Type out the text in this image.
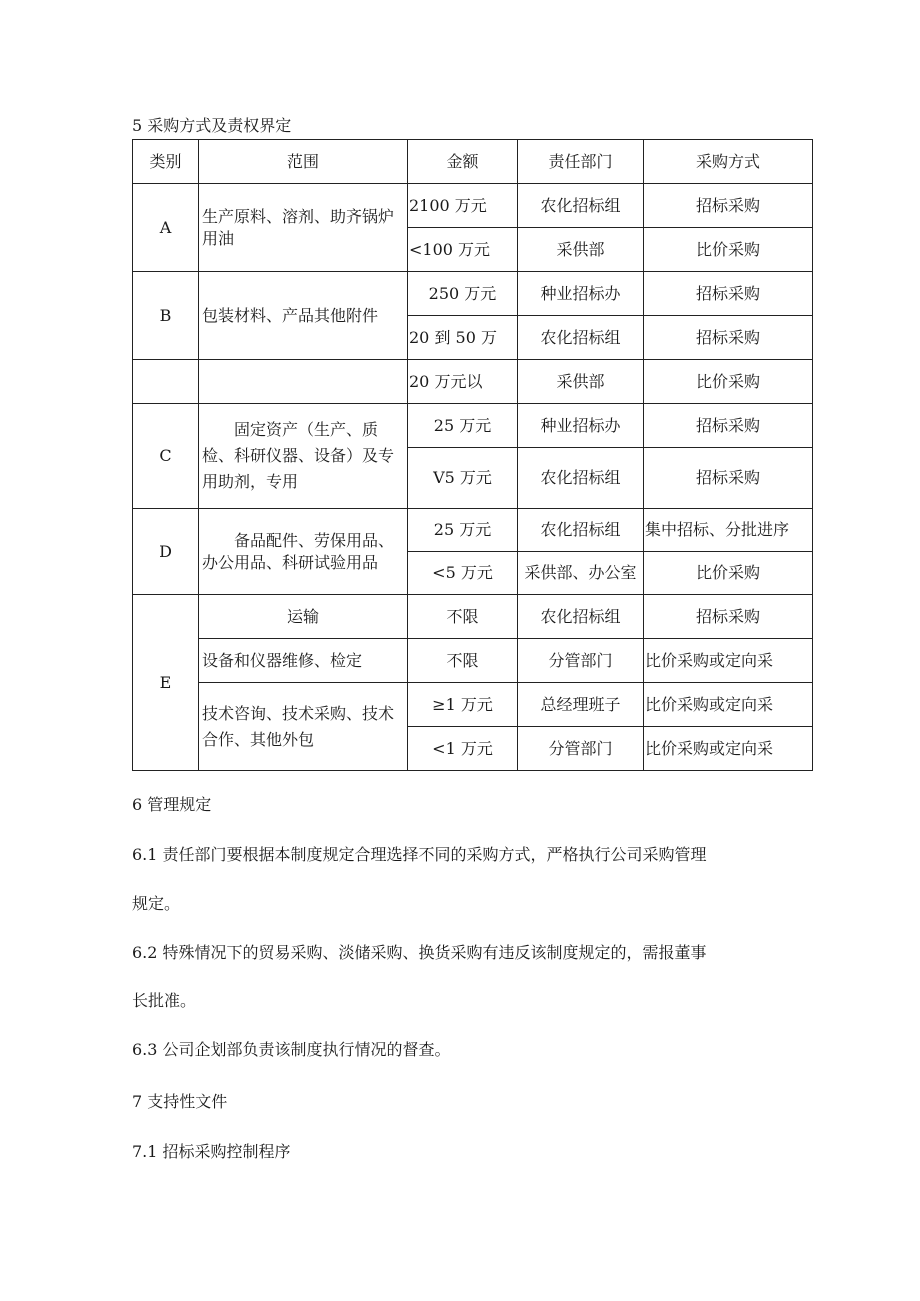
5 采购方式及责权界定
类别	范围	金额	责任部门	采购方式
A	生产原料、溶剂、助齐锅炉用油	2100 万元	农化招标组	招标采购
		<100 万元	采供部	比价采购
B	包装材料、产品其他附件	250 万元	种业招标办	招标采购
		20 到 50 万	农化招标组	招标采购
		20 万元以	采供部	比价采购
C	固定资产（生产、质检、科研仪器、设备）及专用助剂，专用	25 万元	种业招标办	招标采购
		V5 万元	农化招标组	招标采购
D	备品配件、劳保用品、办公用品、科研试验用品	25 万元	农化招标组	集中招标、分批进序
		<5 万元	采供部、办公室	比价采购
E	运输	不限	农化招标组	招标采购
	设备和仪器维修、检定	不限	分管部门	比价采购或定向采
	技术咨询、技术采购、技术合作、其他外包	≥1 万元	总经理班子	比价采购或定向采
		<1 万元	分管部门	比价采购或定向采
6 管理规定
6.1 责任部门要根据本制度规定合理选择不同的采购方式，严格执行公司采购管理
规定。
6.2 特殊情况下的贸易采购、淡储采购、换货采购有违反该制度规定的，需报董事
长批准。
6.3 公司企划部负责该制度执行情况的督查。
7 支持性文件
7.1 招标采购控制程序
